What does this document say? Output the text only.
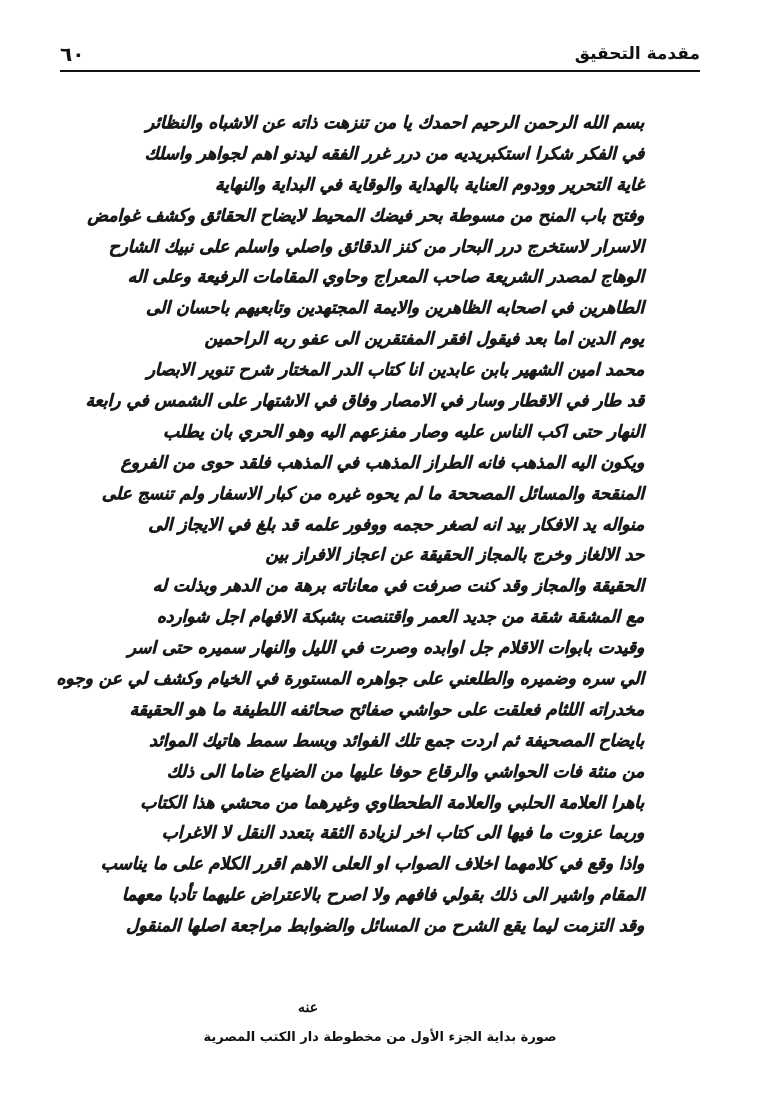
مقدمة التحقيق
٦٠
بسم الله الرحمن الرحيم احمدك يا من تنزهت ذاته عن الاشباه والنظائر
في الفكر شكرا استكبريديه من درر غرر الفقه ليدنو اهم لجواهر واسلك
غاية التحرير وودوم العناية بالهداية والوقاية في البداية والنهاية
وفتح باب المنح من مسوطة بحر فيضك المحيط لايضاح الحقائق وكشف غوامض
الاسرار لاستخرج درر البحار من كنز الدقائق واصلي واسلم على نبيك الشارح
الوهاج لمصدر الشريعة صاحب المعراج وحاوي المقامات الرفيعة وعلى اله
الطاهرين في اصحابه الظاهرين والايمة المجتهدين وتابعيهم باحسان الى
يوم الدين اما بعد فيقول افقر المفتقرين الى عفو ربه الراحمين
محمد امين الشهير بابن عابدين انا كتاب الدر المختار شرح تنوير الابصار
قد طار في الاقطار وسار في الامصار وفاق في الاشتهار على الشمس في رابعة
النهار حتى اكب الناس عليه وصار مفزعهم اليه وهو الحري بان يطلب
ويكون اليه المذهب فانه الطراز المذهب في المذهب فلقد حوى من الفروع
المنقحة والمسائل المصححة ما لم يحوه غيره من كبار الاسفار ولم تنسج على
منواله يد الافكار بيد انه لصغر حجمه ووفور علمه قد بلغ في الايجاز الى
حد الالغاز وخرج بالمجاز الحقيقة عن اعجاز الافراز بين
الحقيقة والمجاز وقد كنت صرفت في معاناته برهة من الدهر وبذلت له
مع المشقة شقة من جديد العمر واقتنصت بشبكة الافهام اجل شوارده
وقيدت بابوات الاقلام جل اوابده وصرت في الليل والنهار سميره حتى اسر
الي سره وضميره والطلعني على جواهره المستورة في الخيام وكشف لي عن وجوه
مخدراته اللثام فعلقت على حواشي صفائح صحائفه اللطيفة ما هو الحقيقة
بايضاح المصحيفة ثم اردت جمع تلك الفوائد وبسط سمط هاتيك الموائد
من منثة فات الحواشي والرقاع حوفا عليها من الضياع ضاما الى ذلك
باهرا العلامة الحلبي والعلامة الطحطاوي وغيرهما من محشي هذا الكتاب
وربما عزوت ما فيها الى كتاب اخر لزيادة الثقة بتعدد النقل لا الاغراب
واذا وقع في كلامهما اخلاف الصواب او العلى الاهم اقرر الكلام على ما يناسب
المقام واشير الى ذلك بقولي فافهم ولا اصرح بالاعتراض عليهما تأدبا معهما
وقد التزمت ليما يقع الشرح من المسائل والضوابط مراجعة اصلها المنقول
عنه
صورة بداية الجزء الأول من مخطوطة دار الكتب المصرية
